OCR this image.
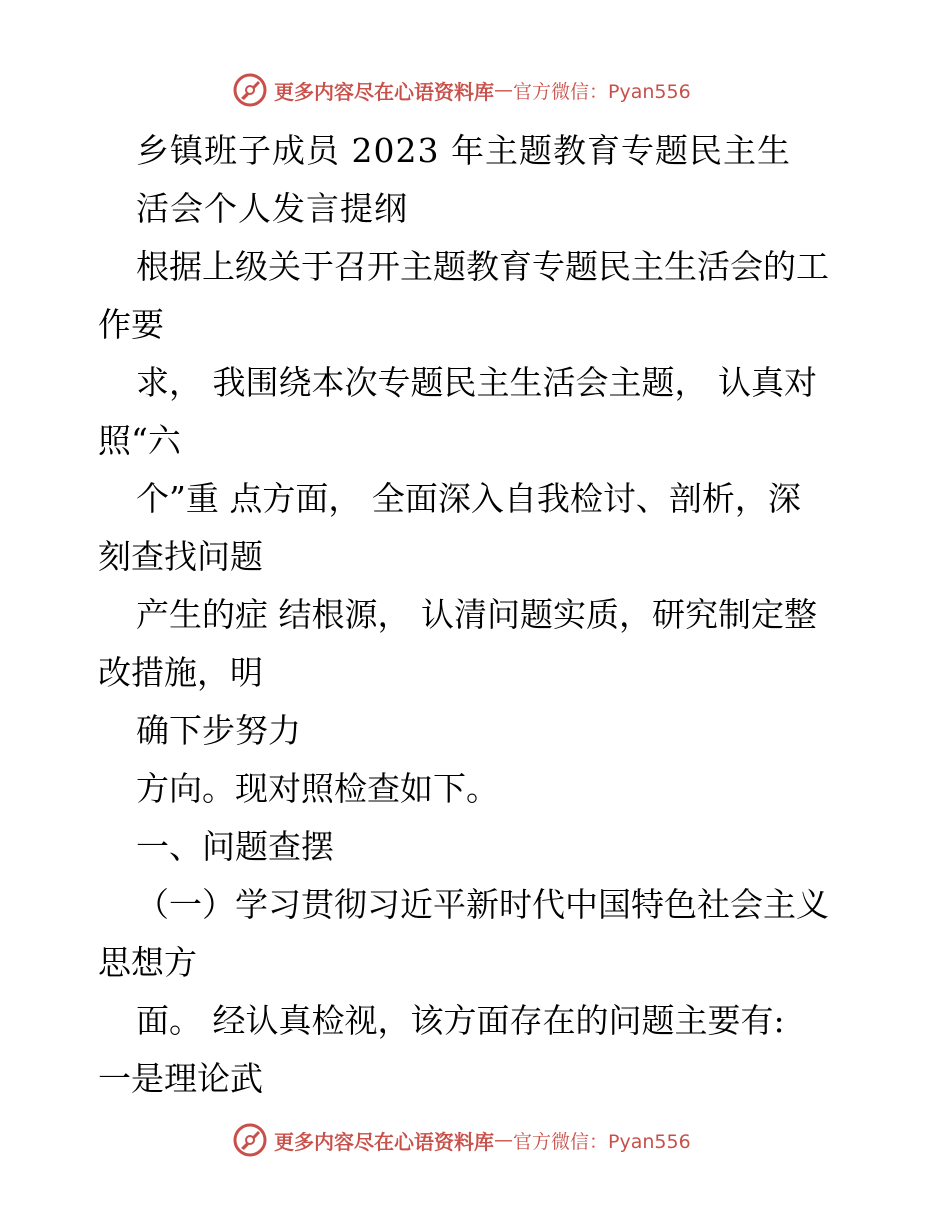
更多内容尽在心语资料库 — 官方微信：Pyan556
乡镇班子成员 2023 年主题教育专题民主生
活会个人发言提纲
根据上级关于召开主题教育专题民主生活会的工
作要
求， 我围绕本次专题民主生活会主题， 认真对
照“六
个”重 点方面， 全面深入自我检讨、剖析，深
刻查找问题
产生的症 结根源， 认清问题实质，研究制定整
改措施，明
确下步努力
方向。现对照检查如下。
一、问题查摆
（一）学习贯彻习近平新时代中国特色社会主义
思想方
面。 经认真检视，该方面存在的问题主要有:
一是理论武
更多内容尽在心语资料库 — 官方微信：Pyan556
